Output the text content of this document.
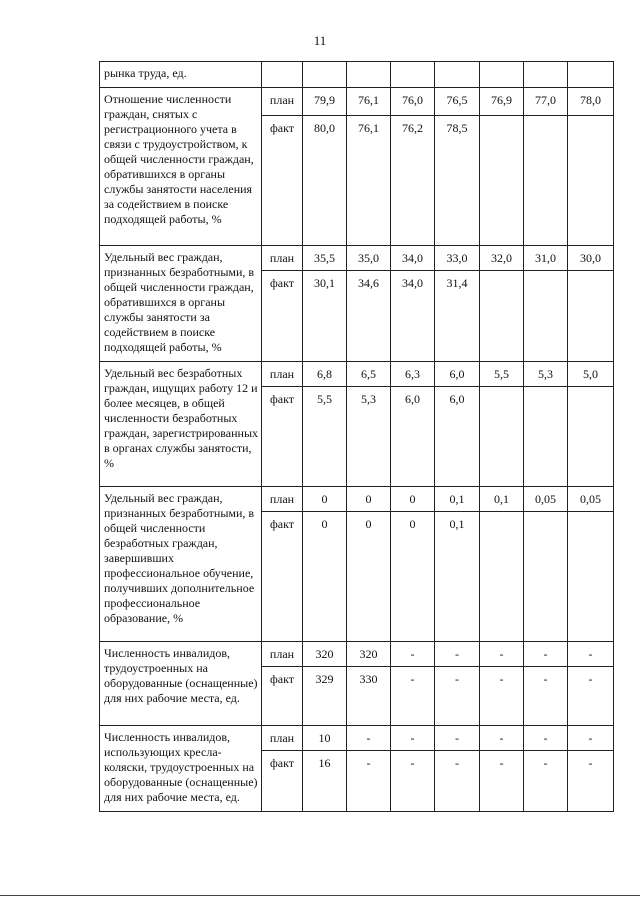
11
рынка труда, ед.								
Отношение численности граждан, снятых с регистрационного учета в связи с трудоустройством, к общей численности граждан, обратившихся в органы службы занятости населения за содействием в поиске подходящей работы, %	план	79,9	76,1	76,0	76,5	76,9	77,0	78,0
	факт	80,0	76,1	76,2	78,5			
Удельный вес граждан, признанных безработными, в общей численности граждан, обратившихся в органы службы занятости за содействием в поиске подходящей работы, %	план	35,5	35,0	34,0	33,0	32,0	31,0	30,0
	факт	30,1	34,6	34,0	31,4			
Удельный вес безработных граждан, ищущих работу 12 и более месяцев, в общей численности безработных граждан, зарегистрированных в органах службы занятости, %	план	6,8	6,5	6,3	6,0	5,5	5,3	5,0
	факт	5,5	5,3	6,0	6,0			
Удельный вес граждан, признанных безработными, в общей численности безработных граждан, завершивших профессиональное обучение, получивших дополнительное профессиональное образование, %	план	0	0	0	0,1	0,1	0,05	0,05
	факт	0	0	0	0,1			
Численность инвалидов, трудоустроенных на оборудованные (оснащенные) для них рабочие места, ед.	план	320	320	-	-	-	-	-
	факт	329	330	-	-	-	-	-
Численность инвалидов, использующих кресла-коляски, трудоустроенных на оборудованные (оснащенные) для них рабочие места, ед.	план	10	-	-	-	-	-	-
	факт	16	-	-	-	-	-	-
